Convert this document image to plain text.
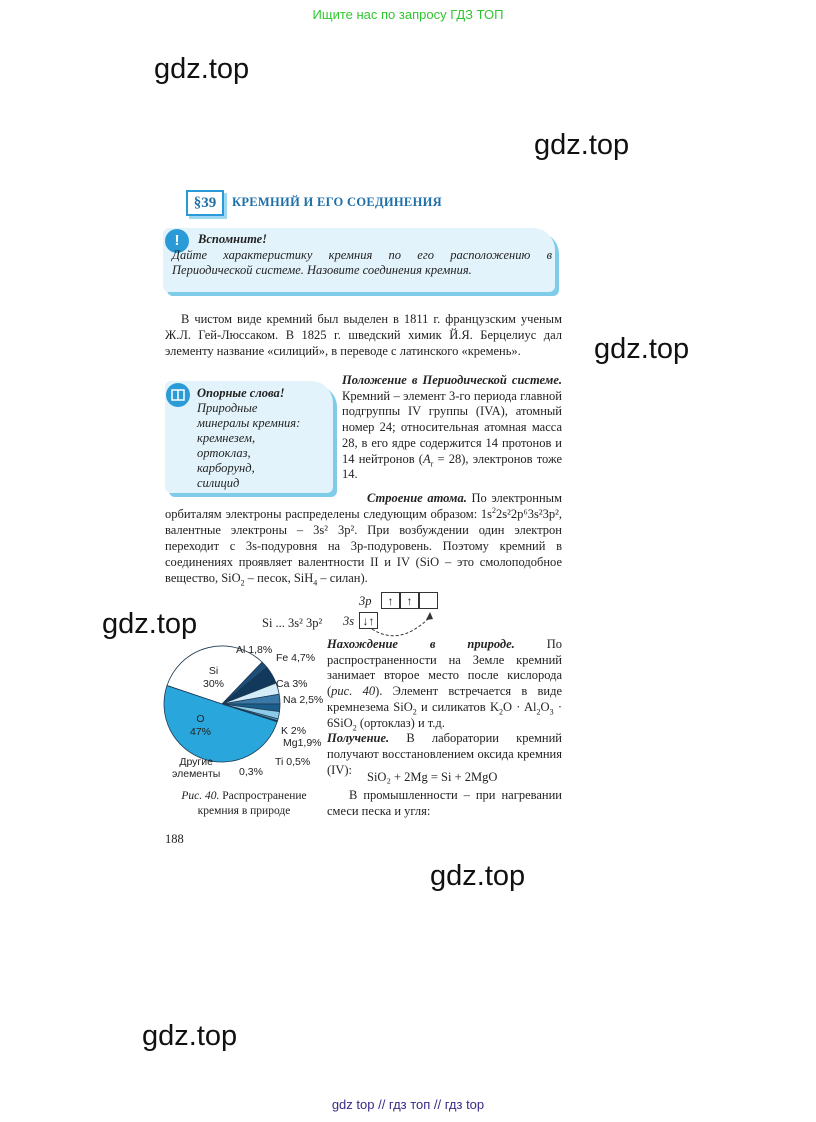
Ищите нас по запросу ГДЗ ТОП
gdz.top
gdz.top
gdz.top
gdz.top
gdz.top
gdz.top
§39	КРЕМНИЙ И ЕГО СОЕДИНЕНИЯ
!	Вспомните!
Дайте характеристику кремния по его расположению в Периодической системе. Назовите соединения кремния.
В чистом виде кремний был выделен в 1811 г. французским ученым Ж.Л. Гей-Люссаком. В 1825 г. шведский химик Й.Я. Берцелиус дал элементу название «силиций», в переводе с латинского «кремень».
Опорные слова!
Природные
минералы кремния:
кремнезем,
ортоклаз,
карборунд,
силицид
Положение в Периодической системе. Кремний – элемент 3-го периода главной подгруппы IV группы (IVA), атомный номер 24; относительная атомная масса 28, в его ядре содержится 14 протонов и 14 нейтронов $(A_r = 28)$, электронов тоже 14.
Строение атома. По электронным орбиталям электроны распределены следующим образом: $1s^22s^22p^63s^23p^2$, валентные электроны – 3s² 3p². При возбуждении один электрон переходит с 3s-подуровня на 3p-подуровень. Поэтому кремний в соединениях проявляет валентности II и IV (SiO – это смолоподобное вещество, SiO$_2$ – песок, SiH$_4$ – силан).
Si ... 3s² 3p²
3p
3s
↑	↑
↓↑
Si
30%
O
47%
Al 1,8%
Fe 4,7%
Ca 3%
Na 2,5%
K 2%
Mg1,9%
Ti 0,5%
0,3%
Другие
элементы
Нахождение в природе. По распространенности на Земле кремний занимает второе место после кислорода (рис. 40). Элемент встречается в виде кремнезема SiO$_2$ и силикатов $K_2O \cdot Al_2O_3 \cdot 6SiO_2$ (ортоклаз) и т.д.
Получение. В лаборатории кремний получают восстановлением оксида кремния (IV):
SiO₂ + 2Mg = Si + 2MgO
В промышленности – при нагревании смеси песка и угля:
Рис. 40. Распространение кремния в природе
188
gdz top // гдз топ // гдз top
